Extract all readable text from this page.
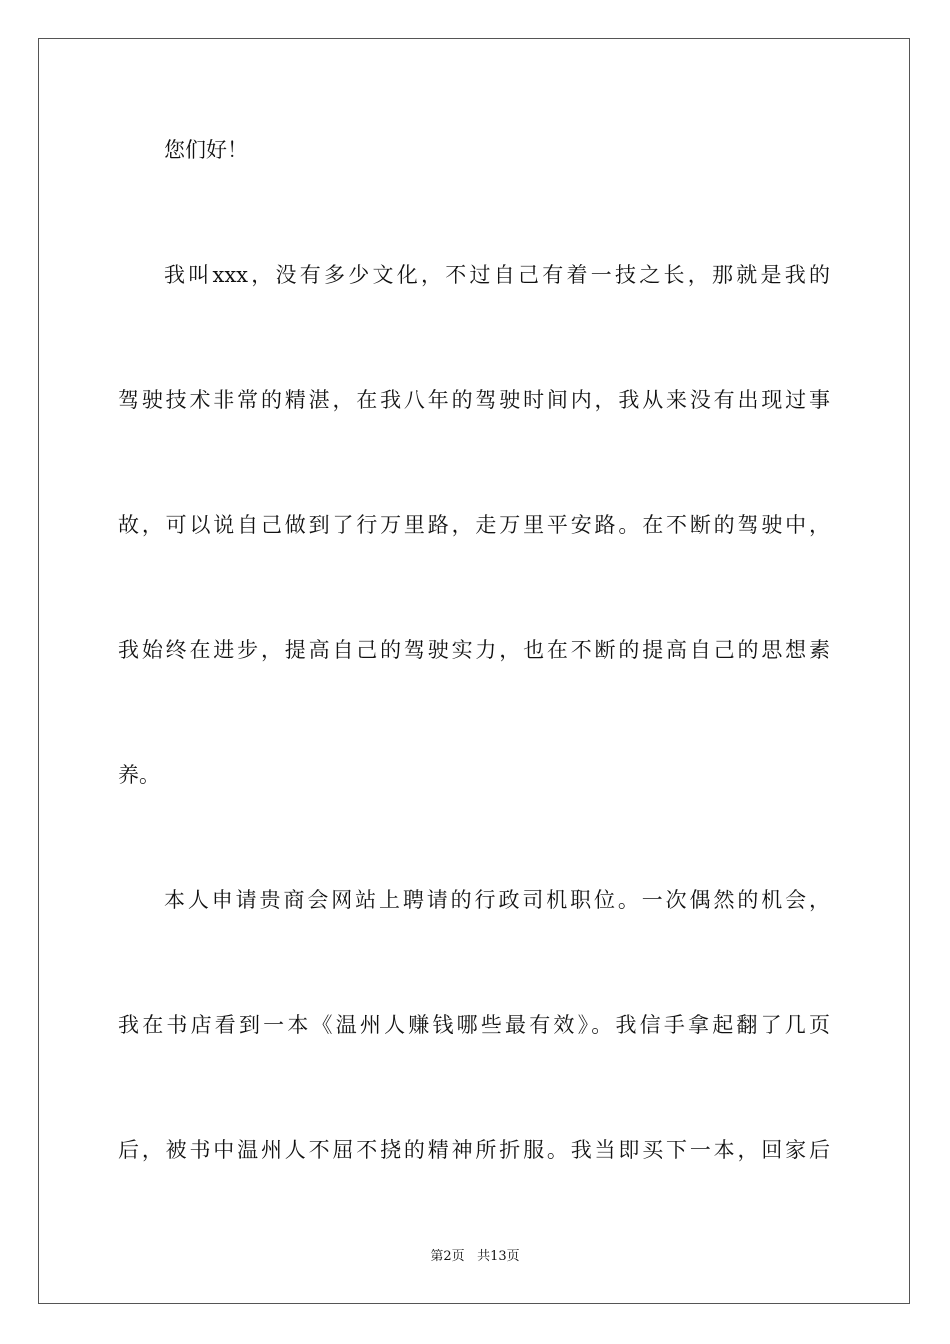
您们好！
我叫xxx，没有多少文化，不过自己有着一技之长，那就是我的
驾驶技术非常的精湛，在我八年的驾驶时间内，我从来没有出现过事
故，可以说自己做到了行万里路，走万里平安路。在不断的驾驶中，
我始终在进步，提高自己的驾驶实力，也在不断的提高自己的思想素
养。
本人申请贵商会网站上聘请的行政司机职位。一次偶然的机会，
我在书店看到一本《温州人赚钱哪些最有效》。我信手拿起翻了几页
后，被书中温州人不屈不挠的精神所折服。我当即买下一本，回家后
第2页 共13页
